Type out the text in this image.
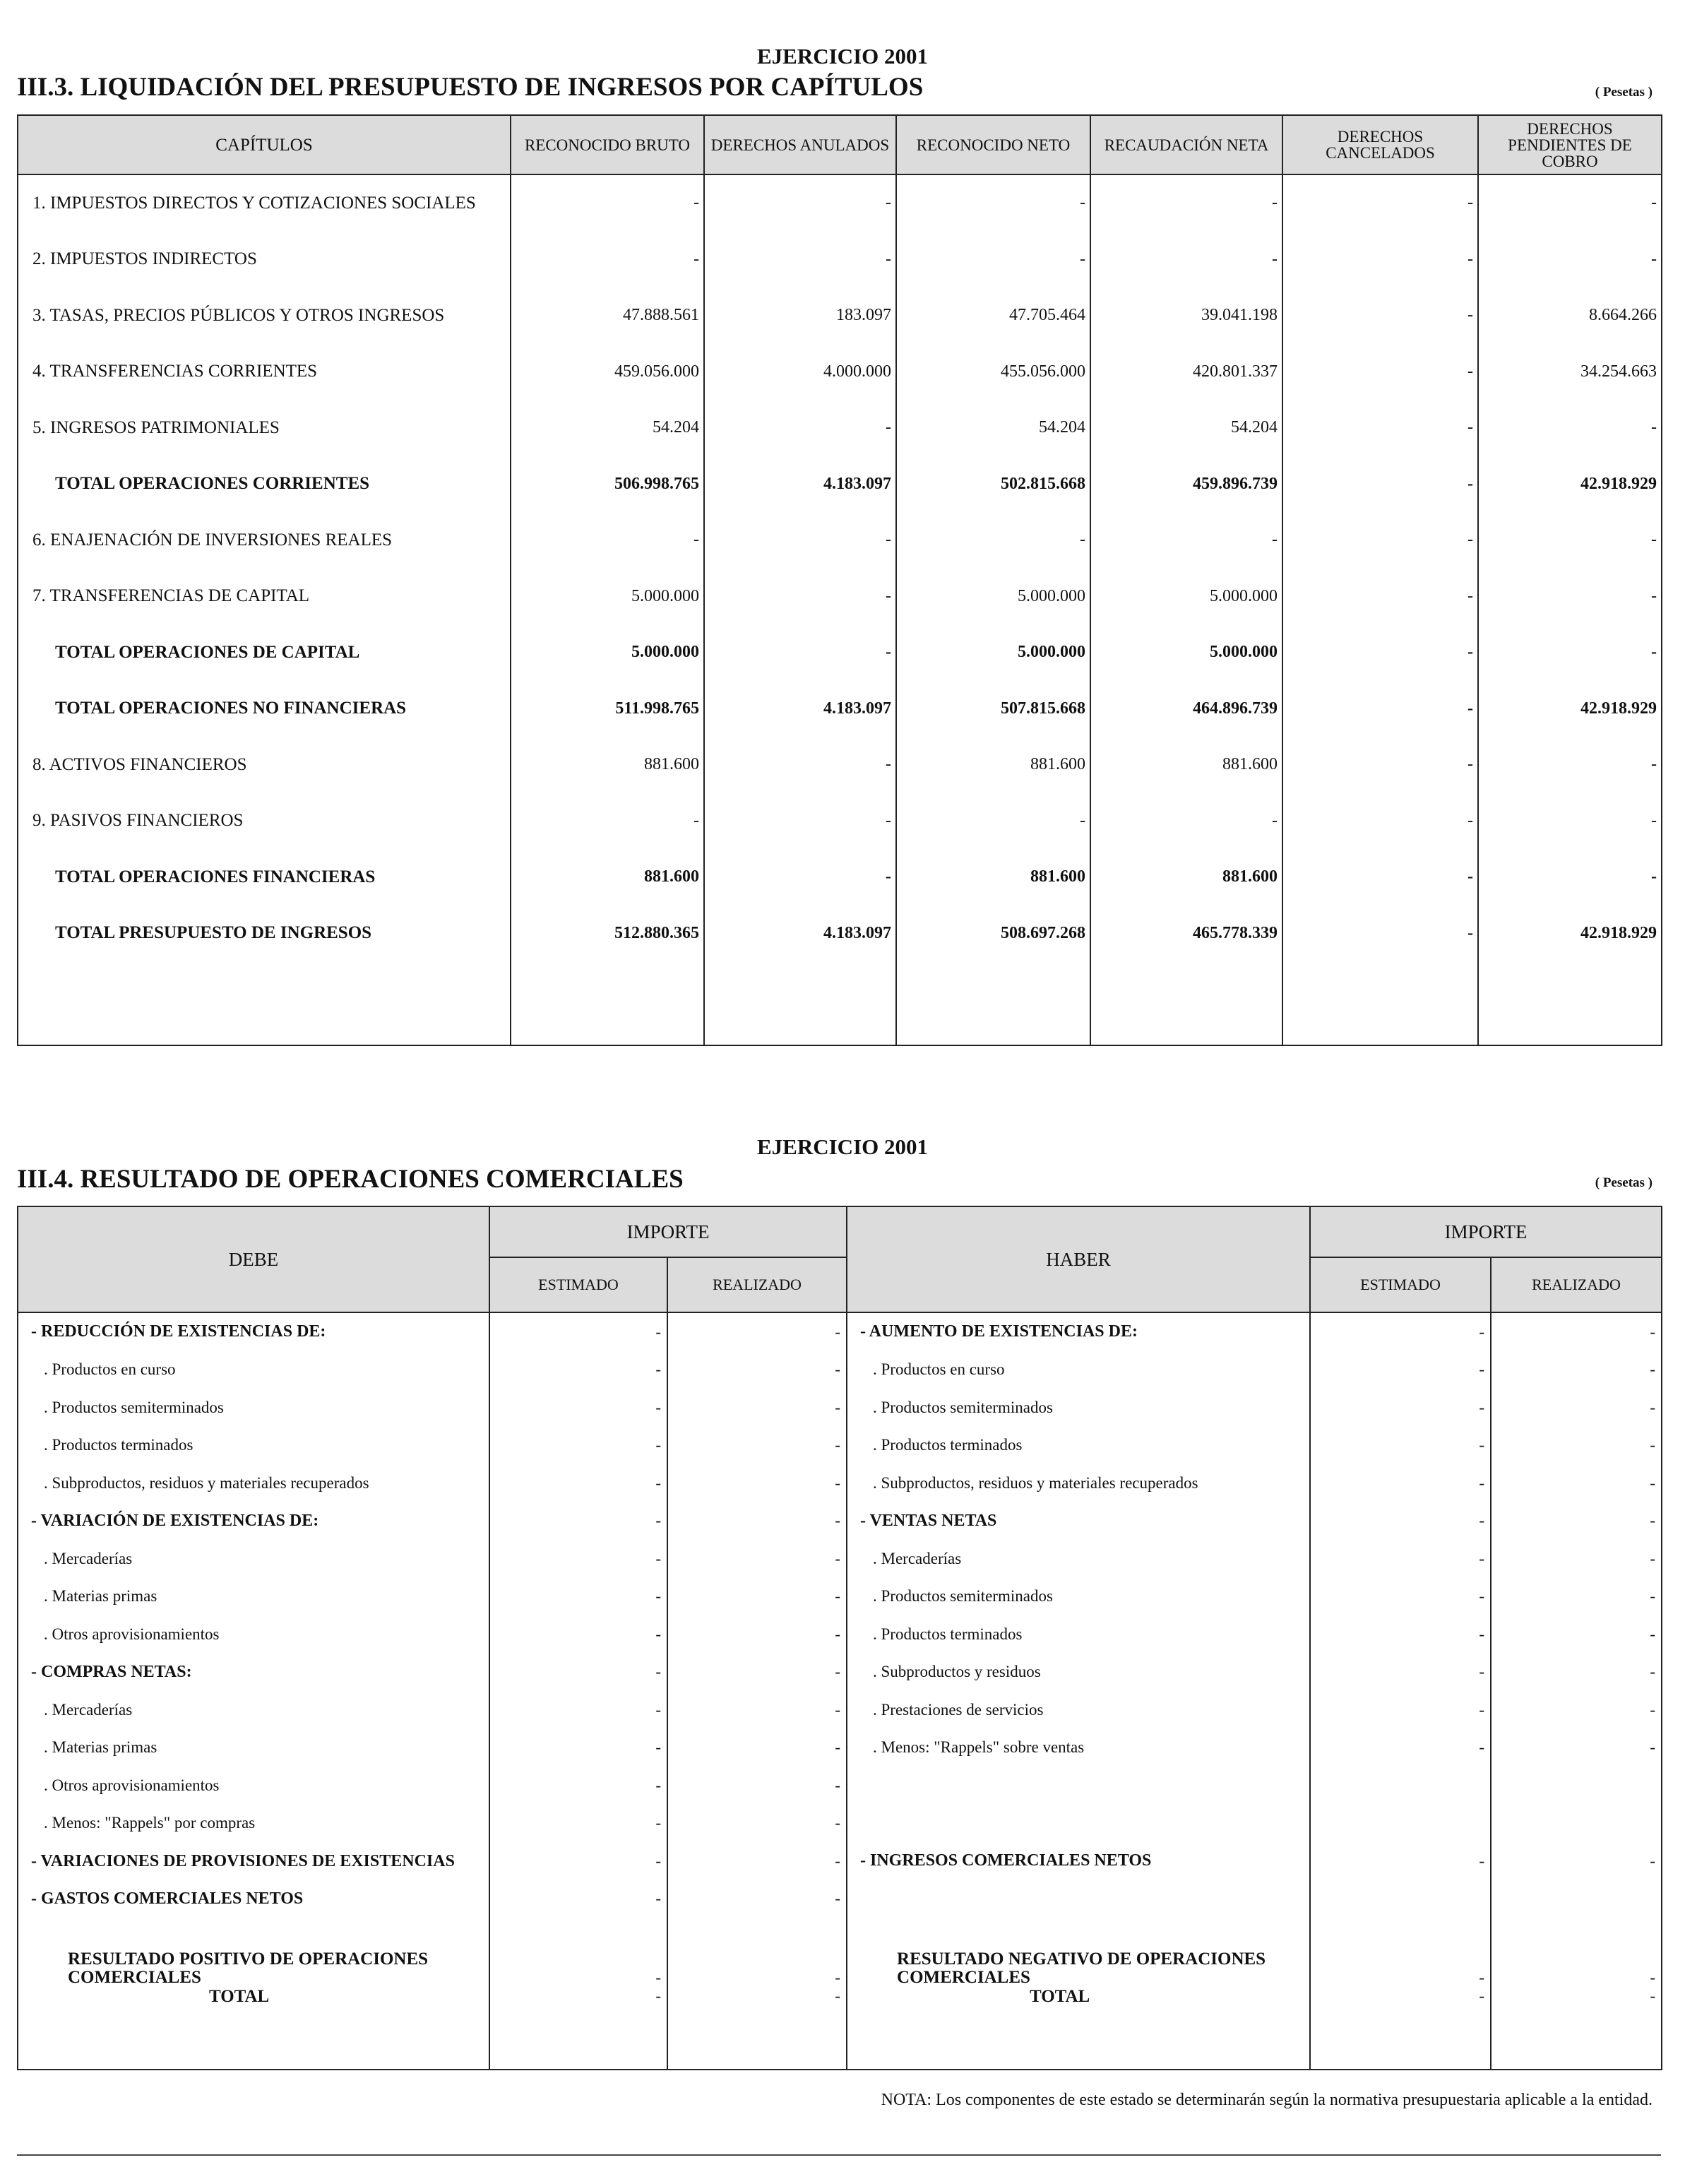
EJERCICIO 2001
III.3. LIQUIDACIÓN DEL PRESUPUESTO DE INGRESOS POR CAPÍTULOS	( Pesetas )
CAPÍTULOS	RECONOCIDO BRUTO	DERECHOS ANULADOS	RECONOCIDO NETO	RECAUDACIÓN NETA	DERECHOS CANCELADOS	DERECHOS PENDIENTES DE COBRO
1. IMPUESTOS DIRECTOS Y COTIZACIONES SOCIALES	-	-	-	-	-	-
2. IMPUESTOS INDIRECTOS	-	-	-	-	-	-
3. TASAS, PRECIOS PÚBLICOS Y OTROS INGRESOS	47.888.561	183.097	47.705.464	39.041.198	-	8.664.266
4. TRANSFERENCIAS CORRIENTES	459.056.000	4.000.000	455.056.000	420.801.337	-	34.254.663
5. INGRESOS PATRIMONIALES	54.204	-	54.204	54.204	-	-
TOTAL OPERACIONES CORRIENTES	506.998.765	4.183.097	502.815.668	459.896.739	-	42.918.929
6. ENAJENACIÓN DE INVERSIONES REALES	-	-	-	-	-	-
7. TRANSFERENCIAS DE CAPITAL	5.000.000	-	5.000.000	5.000.000	-	-
TOTAL OPERACIONES DE CAPITAL	5.000.000	-	5.000.000	5.000.000	-	-
TOTAL OPERACIONES NO FINANCIERAS	511.998.765	4.183.097	507.815.668	464.896.739	-	42.918.929
8. ACTIVOS FINANCIEROS	881.600	-	881.600	881.600	-	-
9. PASIVOS FINANCIEROS	-	-	-	-	-	-
TOTAL OPERACIONES FINANCIERAS	881.600	-	881.600	881.600	-	-
TOTAL PRESUPUESTO DE INGRESOS	512.880.365	4.183.097	508.697.268	465.778.339	-	42.918.929

EJERCICIO 2001
III.4. RESULTADO DE OPERACIONES COMERCIALES	( Pesetas )
DEBE	IMPORTE		HABER	IMPORTE	
	ESTIMADO	REALIZADO		ESTIMADO	REALIZADO
- REDUCCIÓN DE EXISTENCIAS DE:	-	-	- AUMENTO DE EXISTENCIAS DE:	-	-
. Productos en curso	-	-	. Productos en curso	-	-
. Productos semiterminados	-	-	. Productos semiterminados	-	-
. Productos terminados	-	-	. Productos terminados	-	-
. Subproductos, residuos y materiales recuperados	-	-	. Subproductos, residuos y materiales recuperados	-	-
- VARIACIÓN DE EXISTENCIAS DE:	-	-	- VENTAS NETAS	-	-
. Mercaderías	-	-	. Mercaderías	-	-
. Materias primas	-	-	. Productos semiterminados	-	-
. Otros aprovisionamientos	-	-	. Productos terminados	-	-
- COMPRAS NETAS:	-	-	. Subproductos y residuos	-	-
. Mercaderías	-	-	. Prestaciones de servicios	-	-
. Materias primas	-	-	. Menos: "Rappels" sobre ventas	-	-
. Otros aprovisionamientos	-	-			
. Menos: "Rappels" por compras	-	-			
- VARIACIONES DE PROVISIONES DE EXISTENCIAS	-	-	- INGRESOS COMERCIALES NETOS	-	-
- GASTOS COMERCIALES NETOS	-	-			
RESULTADO POSITIVO DE OPERACIONES COMERCIALES	-	-	RESULTADO NEGATIVO DE OPERACIONES COMERCIALES	-	-
TOTAL	-	-	TOTAL	-	-

NOTA: Los componentes de este estado se determinarán según la normativa presupuestaria aplicable a la entidad.
